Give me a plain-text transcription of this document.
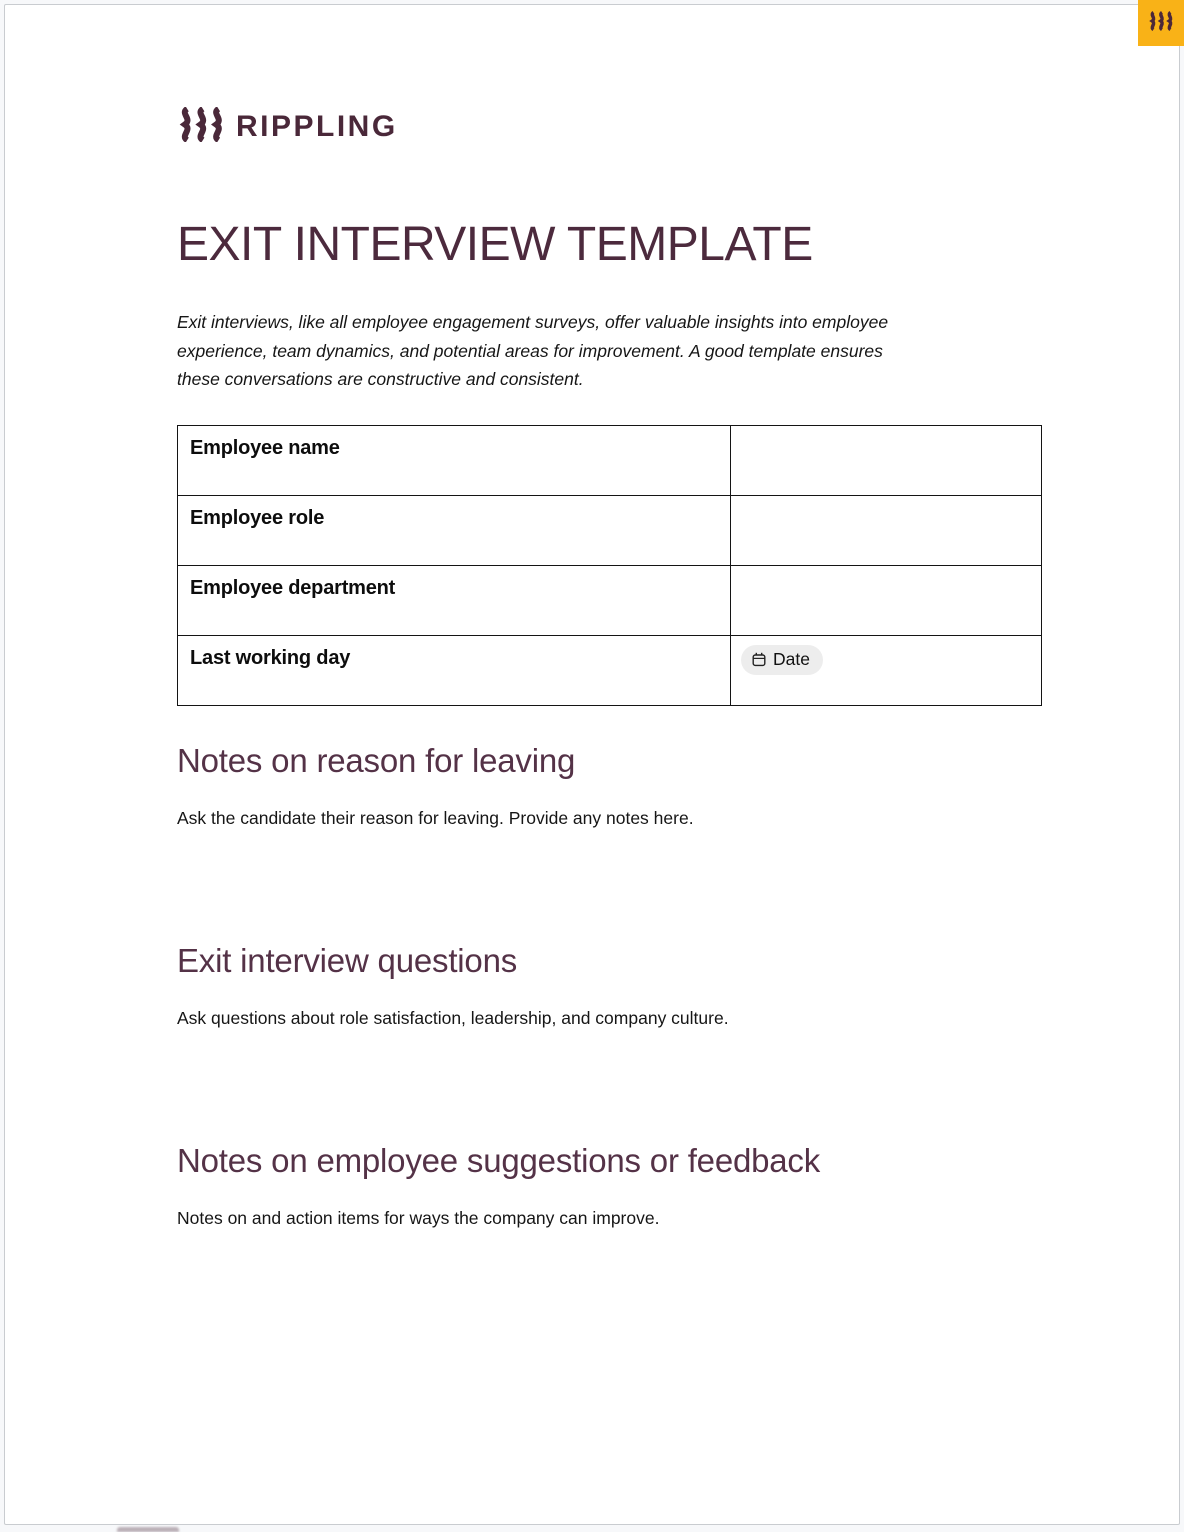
RIPPLING
EXIT INTERVIEW TEMPLATE
Exit interviews, like all employee engagement surveys, offer valuable insights into employee
experience, team dynamics, and potential areas for improvement. A good template ensures
these conversations are constructive and consistent.
Employee name	
Employee role	
Employee department	
Last working day	Date
Notes on reason for leaving

Ask the candidate their reason for leaving. Provide any notes here.

Exit interview questions

Ask questions about role satisfaction, leadership, and company culture.

Notes on employee suggestions or feedback

Notes on and action items for ways the company can improve.
